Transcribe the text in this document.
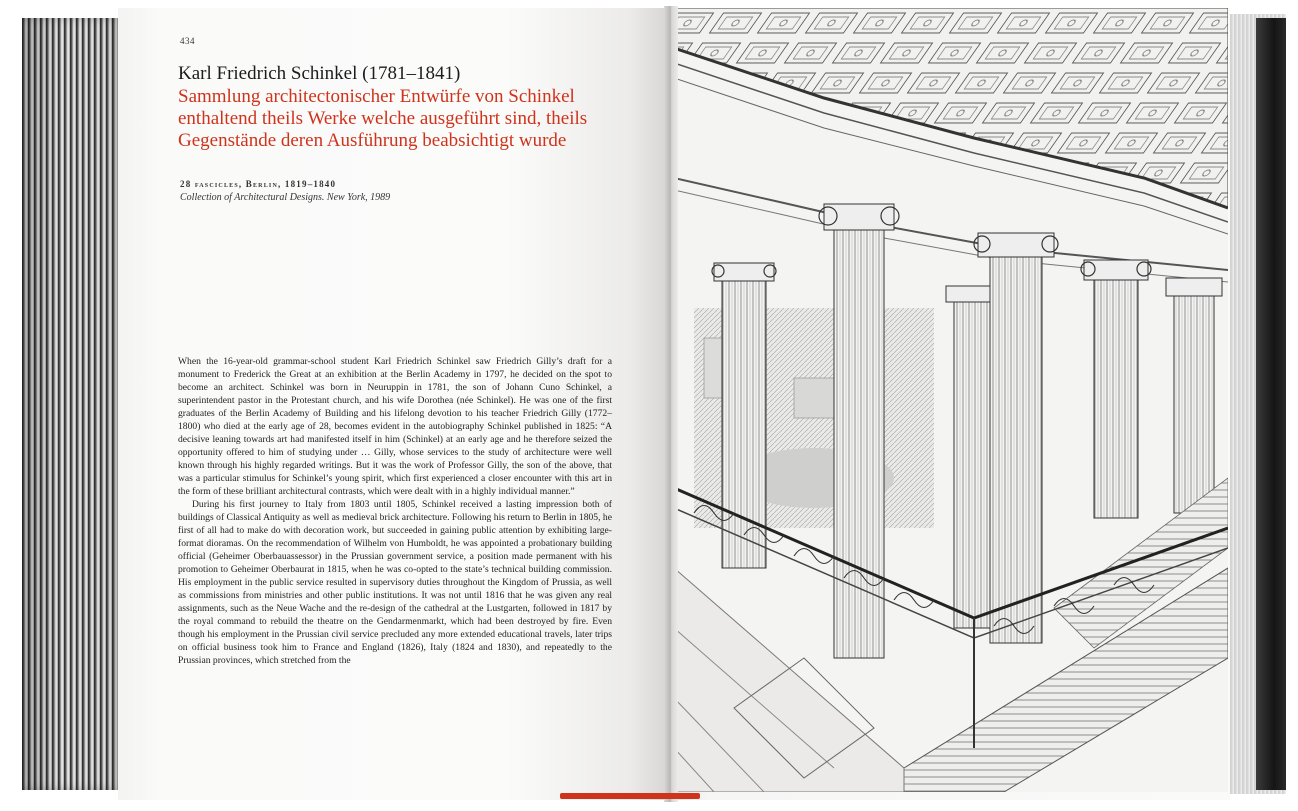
434
Karl Friedrich Schinkel (1781–1841)
Sammlung architectonischer Entwürfe von Schinkel enthaltend theils Werke welche ausgeführt sind, theils Gegenstände deren Ausführung beabsichtigt wurde
28 fascicles, Berlin, 1819–1840
Collection of Architectural Designs. New York, 1989

When the 16-year-old grammar-school student Karl Friedrich Schinkel saw Friedrich Gilly’s draft for a monument to Frederick the Great at an exhibition at the Berlin Academy in 1797, he decided on the spot to become an architect. Schinkel was born in Neuruppin in 1781, the son of Johann Cuno Schinkel, a superintendent pastor in the Protestant church, and his wife Dorothea (née Schinkel). He was one of the first graduates of the Berlin Academy of Building and his lifelong devotion to his teacher Friedrich Gilly (1772–1800) who died at the early age of 28, becomes evident in the autobiography Schinkel published in 1825: “A decisive leaning towards art had manifested itself in him (Schinkel) at an early age and he therefore seized the opportunity offered to him of studying under … Gilly, whose services to the study of architecture were well known through his highly regarded writings. But it was the work of Professor Gilly, the son of the above, that was a particular stimulus for Schinkel’s young spirit, which first experienced a closer encounter with this art in the form of these brilliant architectural contrasts, which were dealt with in a highly individual manner.”

During his first journey to Italy from 1803 until 1805, Schinkel received a lasting impression both of buildings of Classical Antiquity as well as medieval brick architecture. Following his return to Berlin in 1805, he first of all had to make do with decoration work, but succeeded in gaining public attention by exhibiting large-format dioramas. On the recommendation of Wilhelm von Humboldt, he was appointed a probationary building official (Geheimer Oberbauassessor) in the Prussian government service, a position made permanent with his promotion to Geheimer Oberbaurat in 1815, when he was co-opted to the state’s technical building commission. His employment in the public service resulted in supervisory duties throughout the Kingdom of Prussia, as well as commissions from ministries and other public institutions. It was not until 1816 that he was given any real assignments, such as the Neue Wache and the re-design of the cathedral at the Lustgarten, followed in 1817 by the royal command to rebuild the theatre on the Gendarmenmarkt, which had been destroyed by fire. Even though his employment in the Prussian civil service precluded any more extended educational travels, later trips on official business took him to France and England (1826), Italy (1824 and 1830), and repeatedly to the Prussian provinces, which stretched from the
